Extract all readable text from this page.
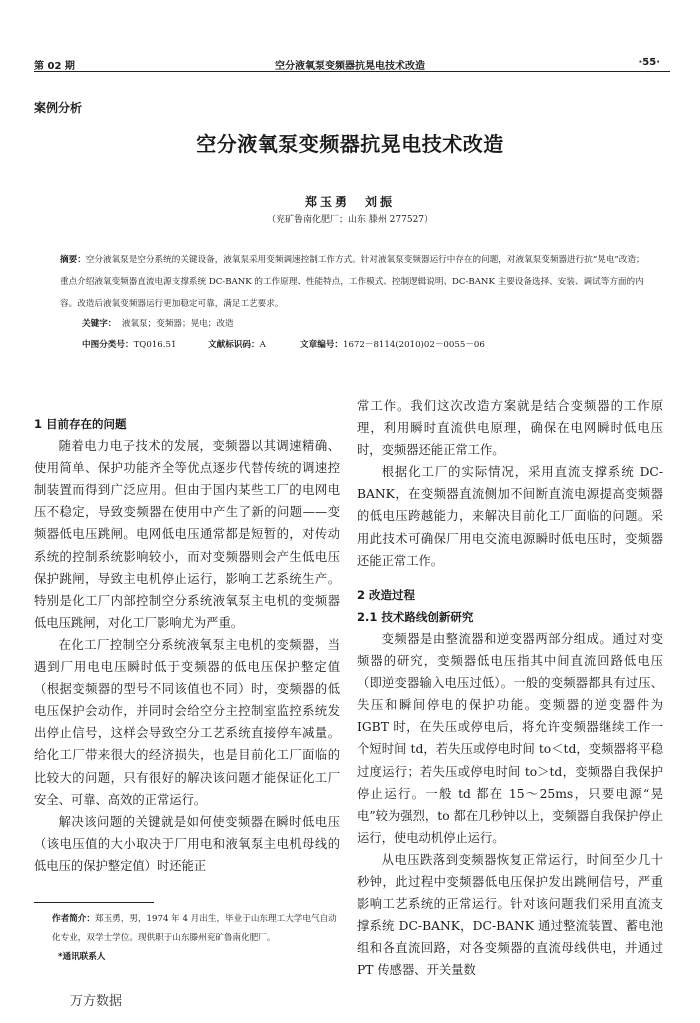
第 02 期	空分液氧泵变频器抗晃电技术改造	·55·
案例分析
空分液氧泵变频器抗晃电技术改造
郑玉勇　刘振
（兖矿鲁南化肥厂；山东 滕州 277527）
摘要：空分液氧泵是空分系统的关键设备，液氧泵采用变频调速控制工作方式。针对液氧泵变频器运行中存在的问题，对液氧泵变频器进行抗“晃电”改造；重点介绍液氧变频器直流电源支撑系统 DC-BANK 的工作原理、性能特点，工作模式、控制逻辑说明、DC-BANK 主要设备选择、安装、调试等方面的内容。改造后液氧变频器运行更加稳定可靠，满足工艺要求。
关键字： 液氧泵；变频器；晃电；改造
中图分类号：TQ016.51	文献标识码：A	文章编号：1672－8114(2010)02－0055－06

1 目前存在的问题

随着电力电子技术的发展，变频器以其调速精确、使用简单、保护功能齐全等优点逐步代替传统的调速控制装置而得到广泛应用。但由于国内某些工厂的电网电压不稳定，导致变频器在使用中产生了新的问题——变频器低电压跳闸。电网低电压通常都是短暂的，对传动系统的控制系统影响较小，而对变频器则会产生低电压保护跳闸，导致主电机停止运行，影响工艺系统生产。特别是化工厂内部控制空分系统液氧泵主电机的变频器低电压跳闸，对化工厂影响尤为严重。

在化工厂控制空分系统液氧泵主电机的变频器，当遇到厂用电电压瞬时低于变频器的低电压保护整定值（根据变频器的型号不同该值也不同）时，变频器的低电压保护会动作，并同时会给空分主控制室监控系统发出停止信号，这样会导致空分工艺系统直接停车减量。给化工厂带来很大的经济损失，也是目前化工厂面临的比较大的问题，只有很好的解决该问题才能保证化工厂安全、可靠、高效的正常运行。

解决该问题的关键就是如何使变频器在瞬时低电压（该电压值的大小取决于厂用电和液氧泵主电机母线的低电压的保护整定值）时还能正

常工作。我们这次改造方案就是结合变频器的工作原理，利用瞬时直流供电原理，确保在电网瞬时低电压时，变频器还能正常工作。

根据化工厂的实际情况，采用直流支撑系统 DC-BANK，在变频器直流侧加不间断直流电源提高变频器的低电压跨越能力，来解决目前化工厂面临的问题。采用此技术可确保厂用电交流电源瞬时低电压时，变频器还能正常工作。

2 改造过程

2.1 技术路线创新研究

变频器是由整流器和逆变器两部分组成。通过对变频器的研究，变频器低电压指其中间直流回路低电压（即逆变器输入电压过低）。一般的变频器都具有过压、失压和瞬间停电的保护功能。变频器的逆变器件为 IGBT 时，在失压或停电后，将允许变频器继续工作一个短时间 td，若失压或停电时间 to＜td，变频器将平稳过度运行；若失压或停电时间 to＞td，变频器自我保护停止运行。一般 td 都在 15～25ms，只要电源“晃电”较为强烈，to 都在几秒钟以上，变频器自我保护停止运行，使电动机停止运行。

从电压跌落到变频器恢复正常运行，时间至少几十秒钟，此过程中变频器低电压保护发出跳闸信号，严重影响工艺系统的正常运行。针对该问题我们采用直流支撑系统 DC-BANK，DC-BANK 通过整流装置、蓄电池组和各直流回路，对各变频器的直流母线供电，并通过 PT 传感器、开关量数

作者简介：郑玉勇，男，1974 年 4 月出生，毕业于山东理工大学电气自动化专业，双学士学位。现供职于山东滕州兖矿鲁南化肥厂。
*通讯联系人
万方数据
